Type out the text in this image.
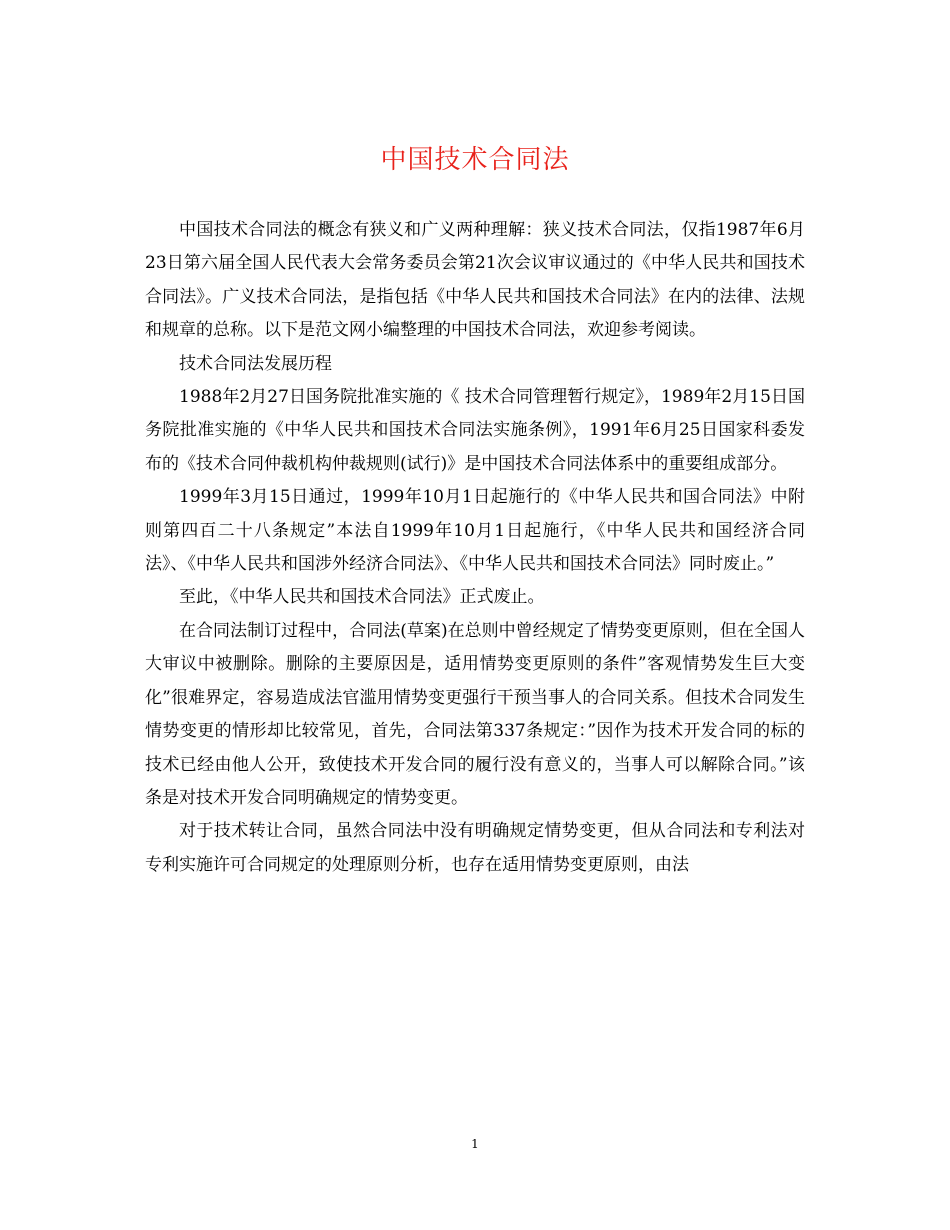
中国技术合同法

中国技术合同法的概念有狭义和广义两种理解：狭义技术合同法，仅指1987年6月23日第六届全国人民代表大会常务委员会第21次会议审议通过的《中华人民共和国技术合同法》。广义技术合同法，是指包括《中华人民共和国技术合同法》在内的法律、法规和规章的总称。以下是范文网小编整理的中国技术合同法，欢迎参考阅读。

技术合同法发展历程

1988年2月27日国务院批准实施的《 技术合同管理暂行规定》，1989年2月15日国务院批准实施的《中华人民共和国技术合同法实施条例》，1991年6月25日国家科委发布的《技术合同仲裁机构仲裁规则(试行)》是中国技术合同法体系中的重要组成部分。

1999年3月15日通过，1999年10月1日起施行的《中华人民共和国合同法》中附则第四百二十八条规定”本法自1999年10月1日起施行，《中华人民共和国经济合同法》、《中华人民共和国涉外经济合同法》、《中华人民共和国技术合同法》同时废止。”

至此，《中华人民共和国技术合同法》正式废止。

在合同法制订过程中，合同法(草案)在总则中曾经规定了情势变更原则，但在全国人大审议中被删除。删除的主要原因是，适用情势变更原则的条件”客观情势发生巨大变化”很难界定，容易造成法官滥用情势变更强行干预当事人的合同关系。但技术合同发生情势变更的情形却比较常见，首先，合同法第337条规定：”因作为技术开发合同的标的技术已经由他人公开，致使技术开发合同的履行没有意义的，当事人可以解除合同。”该条是对技术开发合同明确规定的情势变更。

对于技术转让合同，虽然合同法中没有明确规定情势变更，但从合同法和专利法对专利实施许可合同规定的处理原则分析，也存在适用情势变更原则，由法

1
